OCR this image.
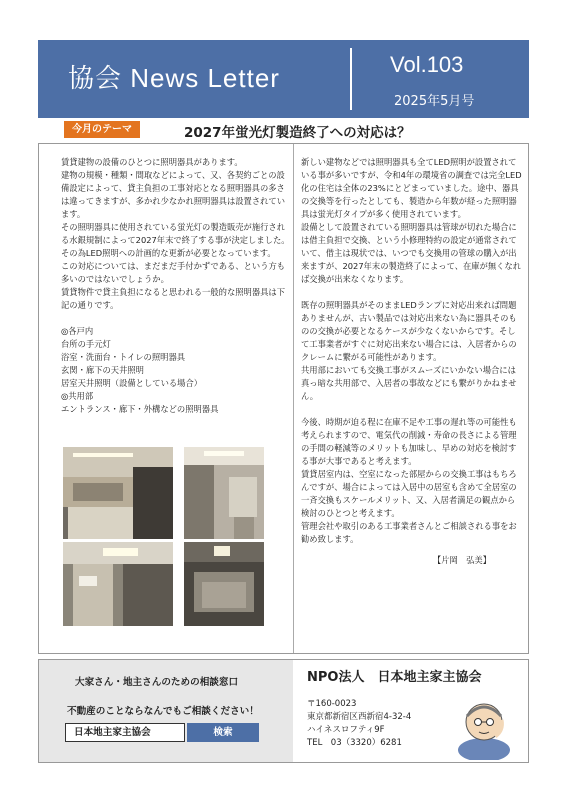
協会 News Letter	Vol.103
2025年5月号
今月のテーマ	2027年蛍光灯製造終了への対応は？
賃貸建物の設備のひとつに照明器具があります。
建物の規模・種類・間取などによって、又、各契約ごとの設備設定によって、貸主負担の工事対応となる照明器具の多さは違ってきますが、多かれ少なかれ照明器具は設置されています。
その照明器具に使用されている蛍光灯の製造販売が施行される水銀規制によって2027年末で終了する事が決定しました。その為LED照明への計画的な更新が必要となっています。
この対応については、まだまだ手付かずである、という方も多いのではないでしょうか。
賃貸物件で貸主負担になると思われる一般的な照明器具は下記の通りです。
◎各戸内
台所の手元灯
浴室・洗面台・トイレの照明器具
玄関・廊下の天井照明
居室天井照明（設備としている場合）
◎共用部
エントランス・廊下・外構などの照明器具
新しい建物などでは照明器具も全てLED照明が設置されている事が多いですが、令和4年の環境省の調査では完全LED化の住宅は全体の23%にとどまっていました。途中、器具の交換等を行ったとしても、製造から年数が経った照明器具は蛍光灯タイプが多く使用されています。
設備として設置されている照明器具は管球が切れた場合には借主負担で交換、という小修理特約の設定が通常されていて、借主は現状では、いつでも交換用の管球の購入が出来ますが、2027年末の製造終了によって、在庫が無くなれば交換が出来なくなります。
既存の照明器具がそのままLEDランプに対応出来れば問題ありませんが、古い製品では対応出来ない為に器具そのものの交換が必要となるケースが少なくないからです。そして工事業者がすぐに対応出来ない場合には、入居者からのクレームに繋がる可能性があります。
共用部においても交換工事がスムーズにいかない場合には真っ暗な共用部で、入居者の事故などにも繋がりかねません。
今後、時期が迫る程に在庫不足や工事の遅れ等の可能性も考えられますので、電気代の削減・寿命の長さによる管理の手間の軽減等のメリットも加味し、早めの対応を検討する事が大事であると考えます。
賃貸居室内は、空室になった部屋からの交換工事はもちろんですが、場合によっては入居中の居室も含めて全居室の一斉交換もスケールメリット、又、入居者満足の観点から検討のひとつと考えます。
管理会社や取引のある工事業者さんとご相談される事をお勧め致します。
【片岡　弘美】
大家さん・地主さんのための相談窓口
不動産のことならなんでもご相談ください！
日本地主家主協会	検索
NPO法人　日本地主家主協会
〒160-0023
東京都新宿区西新宿4-32-4
ハイネスロフティ9F
TEL　03（3320）6281
